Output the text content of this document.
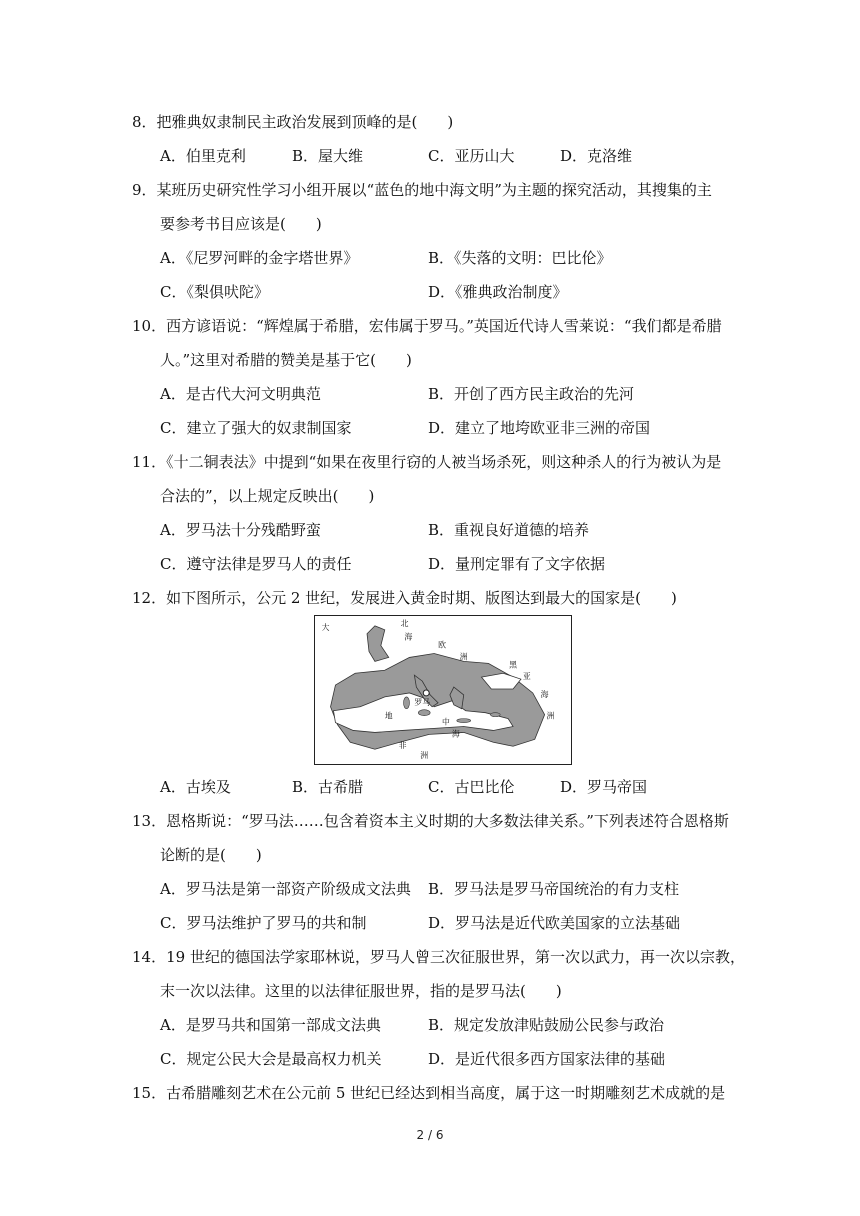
8．把雅典奴隶制民主政治发展到顶峰的是(　　)
A．伯里克利	B．屋大维	C．亚历山大	D．克洛维
9．某班历史研究性学习小组开展以“蓝色的地中海文明”为主题的探究活动，其搜集的主
要参考书目应该是(　　)
A．《尼罗河畔的金字塔世界》	B．《失落的文明：巴比伦》
C．《梨俱吠陀》	D．《雅典政治制度》
10．西方谚语说：“辉煌属于希腊，宏伟属于罗马。”英国近代诗人雪莱说：“我们都是希腊
人。”这里对希腊的赞美是基于它(　　)
A．是古代大河文明典范	B．开创了西方民主政治的先河
C．建立了强大的奴隶制国家	D．建立了地垮欧亚非三洲的帝国
11．《十二铜表法》中提到“如果在夜里行窃的人被当场杀死，则这种杀人的行为被认为是
合法的”，以上规定反映出(　　)
A．罗马法十分残酷野蛮	B．重视良好道德的培养
C．遵守法律是罗马人的责任	D．量刑定罪有了文字依据
12．如下图所示，公元 2 世纪，发展进入黄金时期、版图达到最大的国家是(　　)
大	北
海
欧
洲
黑
亚
海
罗马
地
中
海
洲
非
洲
A．古埃及	B．古希腊	C．古巴比伦	D．罗马帝国
13．恩格斯说：“罗马法……包含着资本主义时期的大多数法律关系。”下列表述符合恩格斯
论断的是(　　)
A．罗马法是第一部资产阶级成文法典 B．罗马法是罗马帝国统治的有力支柱
C．罗马法维护了罗马的共和制	D．罗马法是近代欧美国家的立法基础
14．19 世纪的德国法学家耶林说，罗马人曾三次征服世界，第一次以武力，再一次以宗教，
末一次以法律。这里的以法律征服世界，指的是罗马法(　　)
A．是罗马共和国第一部成文法典	B．规定发放津贴鼓励公民参与政治
C．规定公民大会是最高权力机关	D．是近代很多西方国家法律的基础
15．古希腊雕刻艺术在公元前 5 世纪已经达到相当高度，属于这一时期雕刻艺术成就的是
2 / 6
